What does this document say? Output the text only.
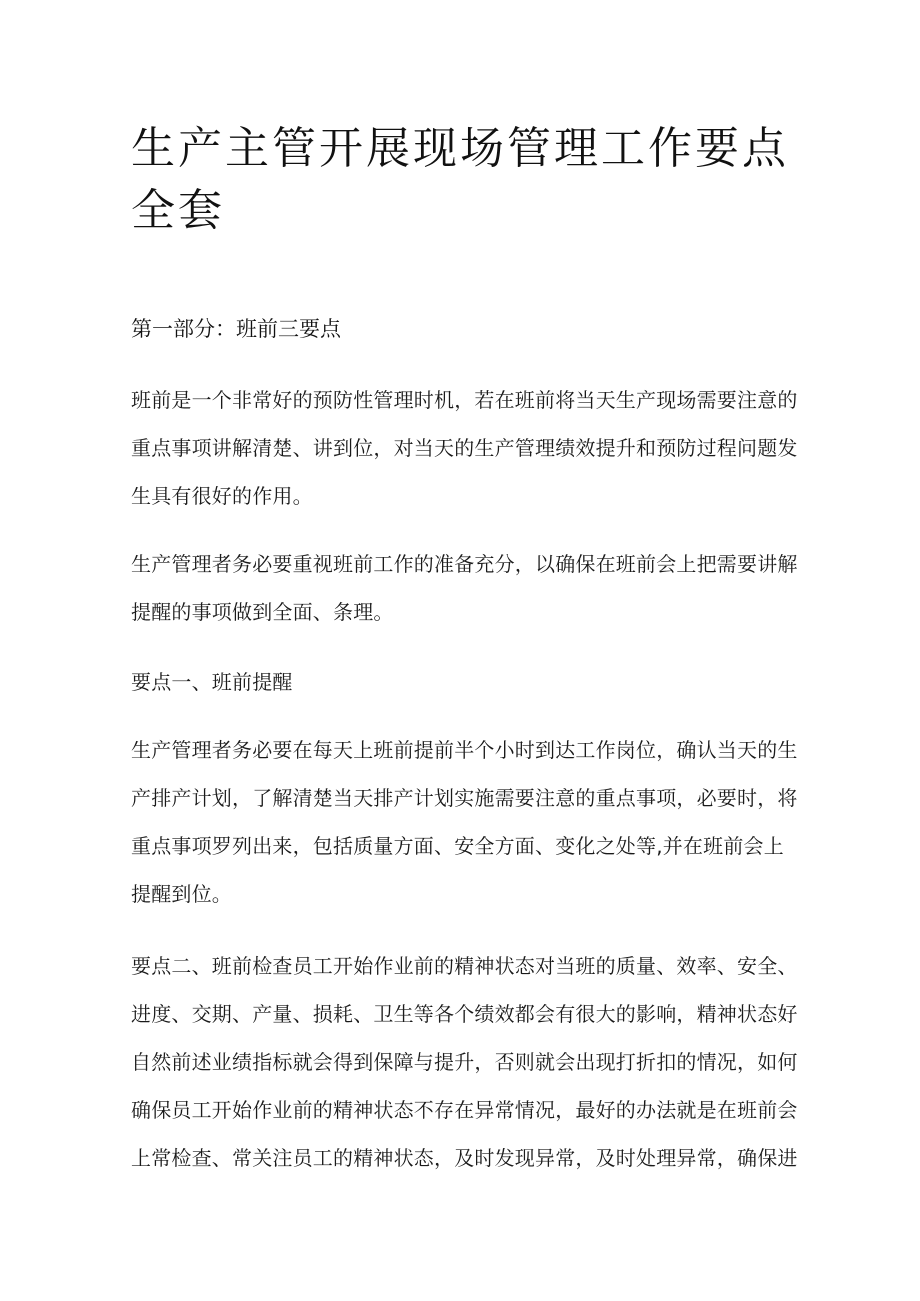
生产主管开展现场管理工作要点全套
第一部分：班前三要点

班前是一个非常好的预防性管理时机，若在班前将当天生产现场需要注意的重点事项讲解清楚、讲到位，对当天的生产管理绩效提升和预防过程问题发生具有很好的作用。

生产管理者务必要重视班前工作的准备充分，以确保在班前会上把需要讲解提醒的事项做到全面、条理。

要点一、班前提醒

生产管理者务必要在每天上班前提前半个小时到达工作岗位，确认当天的生产排产计划，了解清楚当天排产计划实施需要注意的重点事项，必要时，将重点事项罗列出来，包括质量方面、安全方面、变化之处等,并在班前会上提醒到位。

要点二、班前检查员工开始作业前的精神状态对当班的质量、效率、安全、进度、交期、产量、损耗、卫生等各个绩效都会有很大的影响，精神状态好自然前述业绩指标就会得到保障与提升，否则就会出现打折扣的情况，如何确保员工开始作业前的精神状态不存在异常情况，最好的办法就是在班前会上常检查、常关注员工的精神状态，及时发现异常，及时处理异常，确保进
